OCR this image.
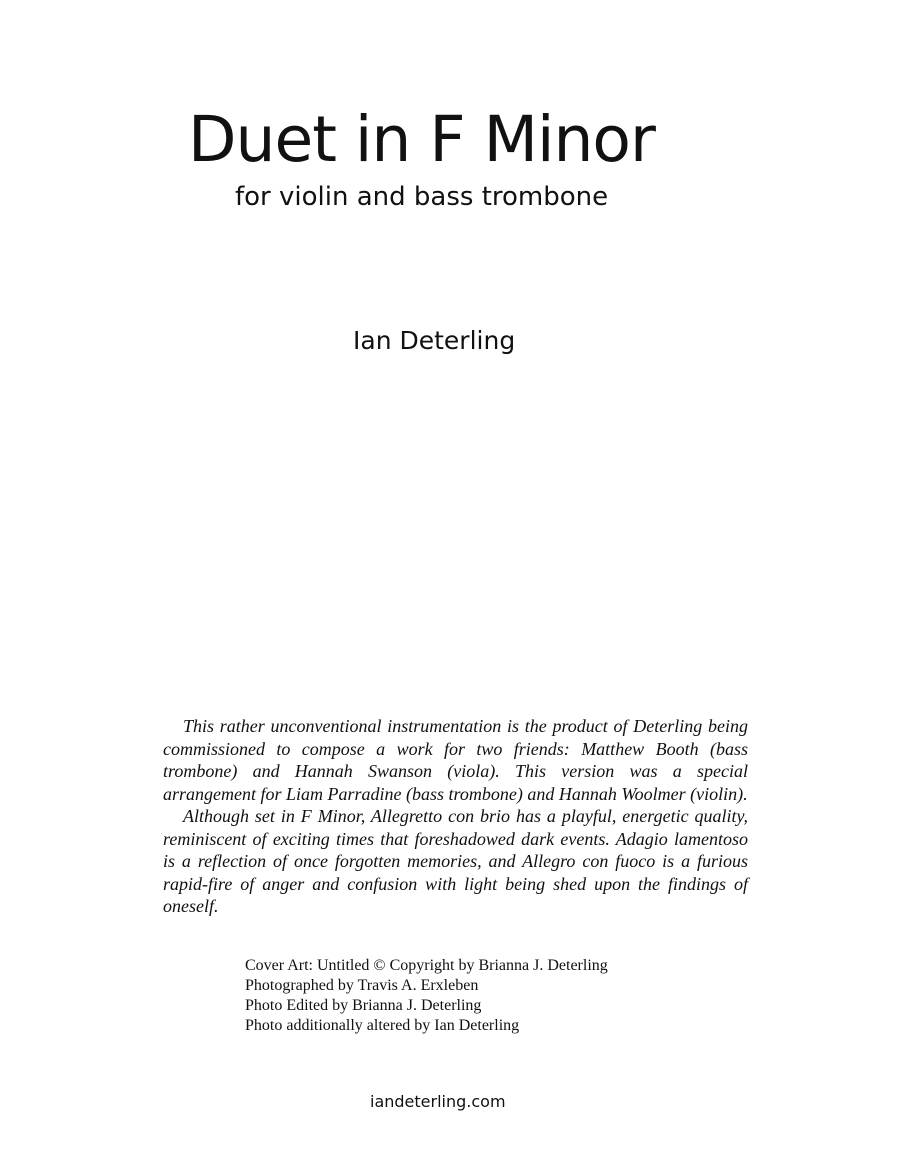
Duet in F Minor
for violin and bass trombone
Ian Deterling

This rather unconventional instrumentation is the product of Deterling being commissioned to compose a work for two friends: Matthew Booth (bass trombone) and Hannah Swanson (viola). This version was a special arrangement for Liam Parradine (bass trombone) and Hannah Woolmer (violin).

Although set in F Minor, Allegretto con brio has a playful, energetic quality, reminiscent of exciting times that foreshadowed dark events. Adagio lamentoso is a reflection of once forgotten memories, and Allegro con fuoco is a furious rapid-fire of anger and confusion with light being shed upon the findings of oneself.

Cover Art: Untitled © Copyright by Brianna J. Deterling
Photographed by Travis A. Erxleben
Photo Edited by Brianna J. Deterling
Photo additionally altered by Ian Deterling
iandeterling.com
